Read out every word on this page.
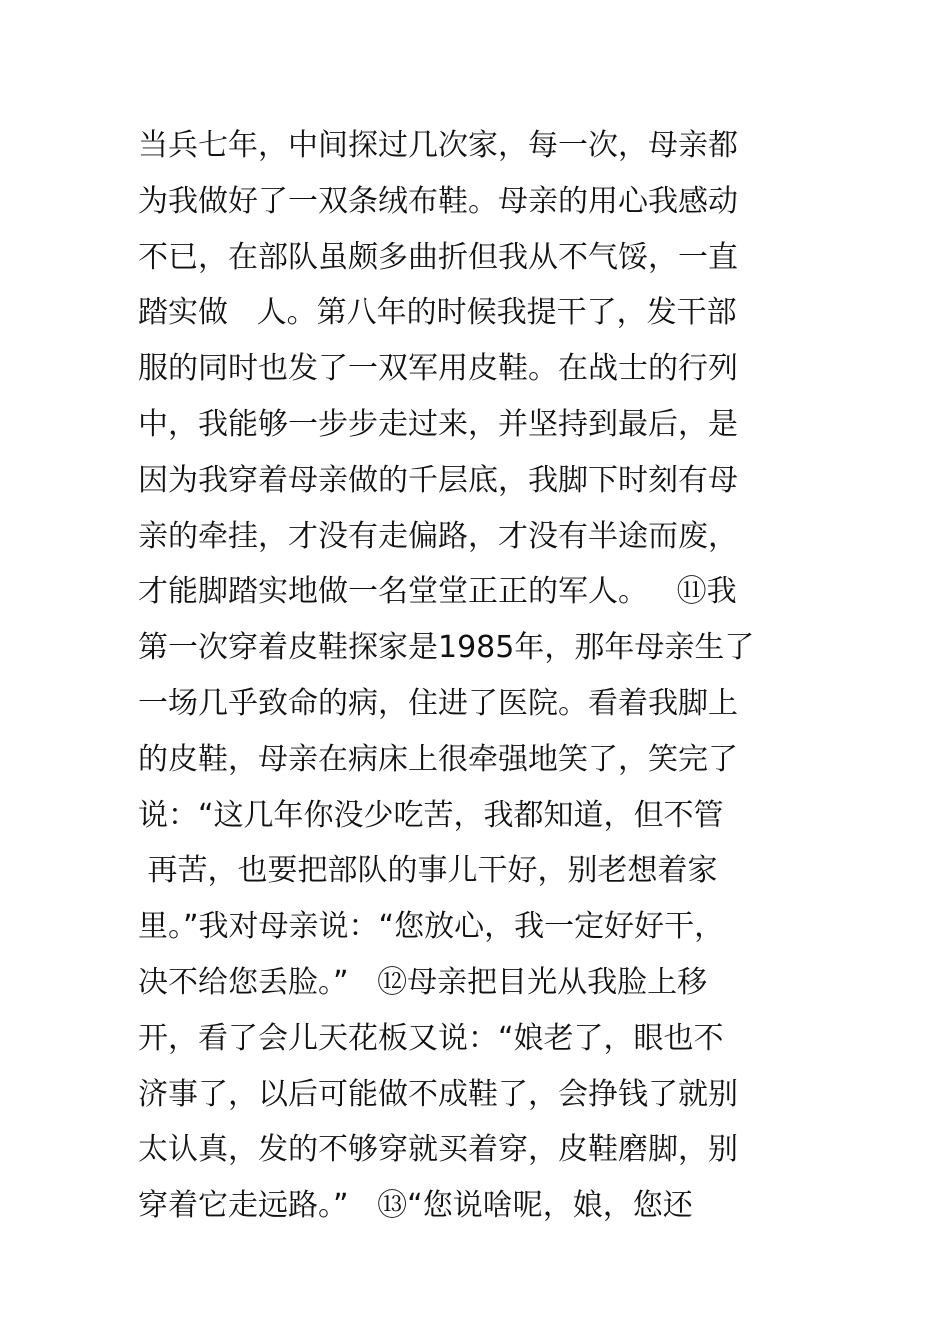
当兵七年，中间探过几次家，每一次，母亲都
为我做好了一双条绒布鞋。母亲的用心我感动
不已，在部队虽颇多曲折但我从不气馁，一直
踏实做   人。第八年的时候我提干了，发干部
服的同时也发了一双军用皮鞋。在战士的行列
中，我能够一步步走过来，并坚持到最后，是
因为我穿着母亲做的千层底，我脚下时刻有母
亲的牵挂，才没有走偏路，才没有半途而废，
才能脚踏实地做一名堂堂正正的军人。   ⑪我
第一次穿着皮鞋探家是1985年，那年母亲生了
一场几乎致命的病，住进了医院。看着我脚上
的皮鞋，母亲在病床上很牵强地笑了，笑完了
说：“这几年你没少吃苦，我都知道，但不管
再苦，也要把部队的事儿干好，别老想着家
里。”我对母亲说：“您放心，我一定好好干，
决不给您丢脸。”   ⑫母亲把目光从我脸上移
开，看了会儿天花板又说：“娘老了，眼也不
济事了，以后可能做不成鞋了，会挣钱了就别
太认真，发的不够穿就买着穿，皮鞋磨脚，别
穿着它走远路。”   ⑬“您说啥呢，娘，您还
